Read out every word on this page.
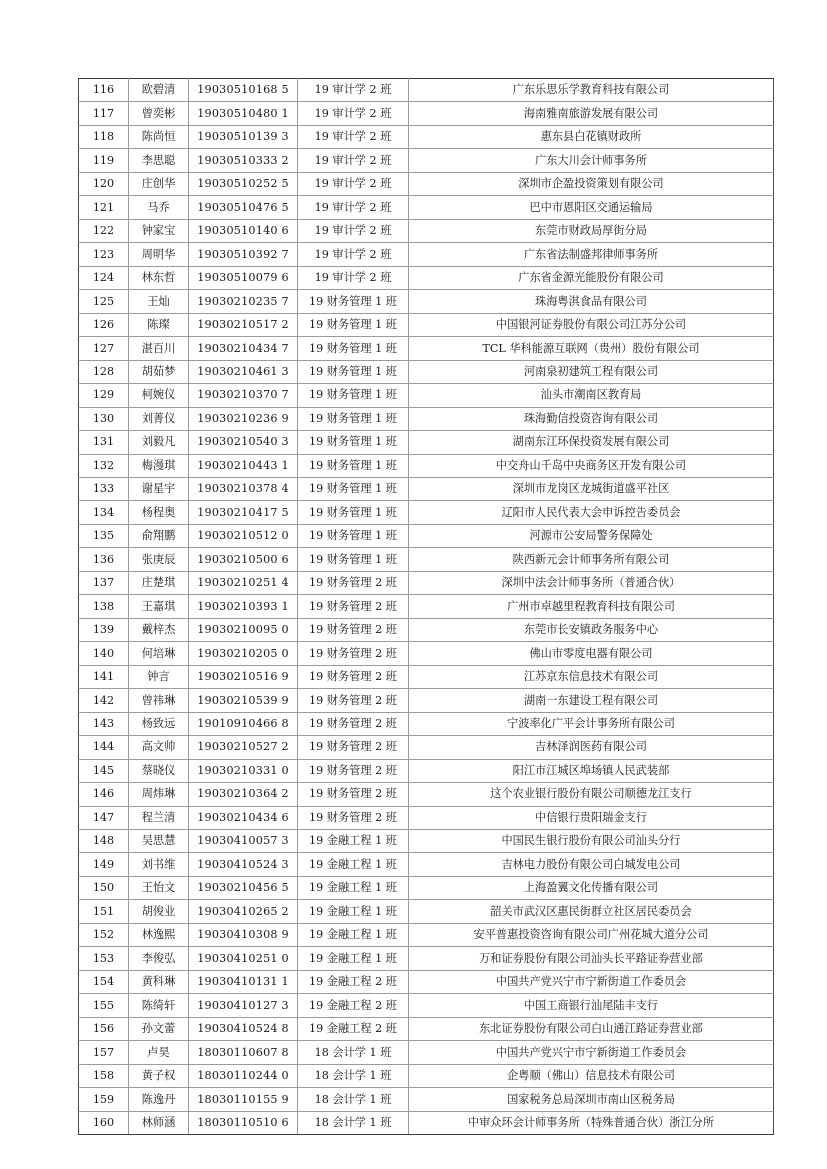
116	欧碧清	19030510168 5	19 审计学 2 班	广东乐思乐学教育科技有限公司
117	曾奕彬	19030510480 1	19 审计学 2 班	海南雅南旅游发展有限公司
118	陈尚恒	19030510139 3	19 审计学 2 班	惠东县白花镇财政所
119	李思聪	19030510333 2	19 审计学 2 班	广东大川会计师事务所
120	庄创华	19030510252 5	19 审计学 2 班	深圳市企盈投资策划有限公司
121	马乔	19030510476 5	19 审计学 2 班	巴中市恩阳区交通运输局
122	钟家宝	19030510140 6	19 审计学 2 班	东莞市财政局厚街分局
123	周明华	19030510392 7	19 审计学 2 班	广东省法制盛邦律师事务所
124	林东哲	19030510079 6	19 审计学 2 班	广东省金源光能股份有限公司
125	王灿	19030210235 7	19 财务管理 1 班	珠海粤淇食品有限公司
126	陈璨	19030210517 2	19 财务管理 1 班	中国银河证券股份有限公司江苏分公司
127	湛百川	19030210434 7	19 财务管理 1 班	TCL 华科能源互联网（贵州）股份有限公司
128	胡茹梦	19030210461 3	19 财务管理 1 班	河南泉初建筑工程有限公司
129	柯婉仪	19030210370 7	19 财务管理 1 班	汕头市潮南区教育局
130	刘菁仪	19030210236 9	19 财务管理 1 班	珠海勤信投资咨询有限公司
131	刘毅凡	19030210540 3	19 财务管理 1 班	湖南东江环保投资发展有限公司
132	梅漫琪	19030210443 1	19 财务管理 1 班	中交舟山千岛中央商务区开发有限公司
133	谢星宇	19030210378 4	19 财务管理 1 班	深圳市龙岗区龙城街道盛平社区
134	杨程奥	19030210417 5	19 财务管理 1 班	辽阳市人民代表大会申诉控告委员会
135	俞翔鹏	19030210512 0	19 财务管理 1 班	河源市公安局警务保障处
136	张庚辰	19030210500 6	19 财务管理 1 班	陕西新元会计师事务所有限公司
137	庄楚琪	19030210251 4	19 财务管理 2 班	深圳中法会计师事务所（普通合伙）
138	王嘉琪	19030210393 1	19 财务管理 2 班	广州市卓越里程教育科技有限公司
139	戴梓杰	19030210095 0	19 财务管理 2 班	东莞市长安镇政务服务中心
140	何培琳	19030210205 0	19 财务管理 2 班	佛山市零度电器有限公司
141	钟言	19030210516 9	19 财务管理 2 班	江苏京东信息技术有限公司
142	曾祎琳	19030210539 9	19 财务管理 2 班	湖南一东建设工程有限公司
143	杨致远	19010910466 8	19 财务管理 2 班	宁波率化广平会计事务所有限公司
144	高文帅	19030210527 2	19 财务管理 2 班	吉林泽润医药有限公司
145	蔡晓仪	19030210331 0	19 财务管理 2 班	阳江市江城区埠场镇人民武装部
146	周炜琳	19030210364 2	19 财务管理 2 班	这个农业银行股份有限公司顺德龙江支行
147	程兰清	19030210434 6	19 财务管理 2 班	中信银行贵阳瑞金支行
148	吴思慧	19030410057 3	19 金融工程 1 班	中国民生银行股份有限公司汕头分行
149	刘书维	19030410524 3	19 金融工程 1 班	吉林电力股份有限公司白城发电公司
150	王怡文	19030210456 5	19 金融工程 1 班	上海盈翼文化传播有限公司
151	胡俊业	19030410265 2	19 金融工程 1 班	韶关市武汉区惠民街群立社区居民委员会
152	林逸熙	19030410308 9	19 金融工程 1 班	安平普惠投资咨询有限公司广州花城大道分公司
153	李俊弘	19030410251 0	19 金融工程 1 班	万和证券股份有限公司汕头长平路证券营业部
154	黄科琳	19030410131 1	19 金融工程 2 班	中国共产党兴宁市宁新街道工作委员会
155	陈绮轩	19030410127 3	19 金融工程 2 班	中国工商银行汕尾陆丰支行
156	孙文蕾	19030410524 8	19 金融工程 2 班	东北证券股份有限公司白山通江路证券营业部
157	卢昊	18030110607 8	18 会计学 1 班	中国共产党兴宁市宁新街道工作委员会
158	黄子权	18030110244 0	18 会计学 1 班	企粤顺（佛山）信息技术有限公司
159	陈逸丹	18030110155 9	18 会计学 1 班	国家税务总局深圳市南山区税务局
160	林师涵	18030110510 6	18 会计学 1 班	中审众环会计师事务所（特殊普通合伙）浙江分所
